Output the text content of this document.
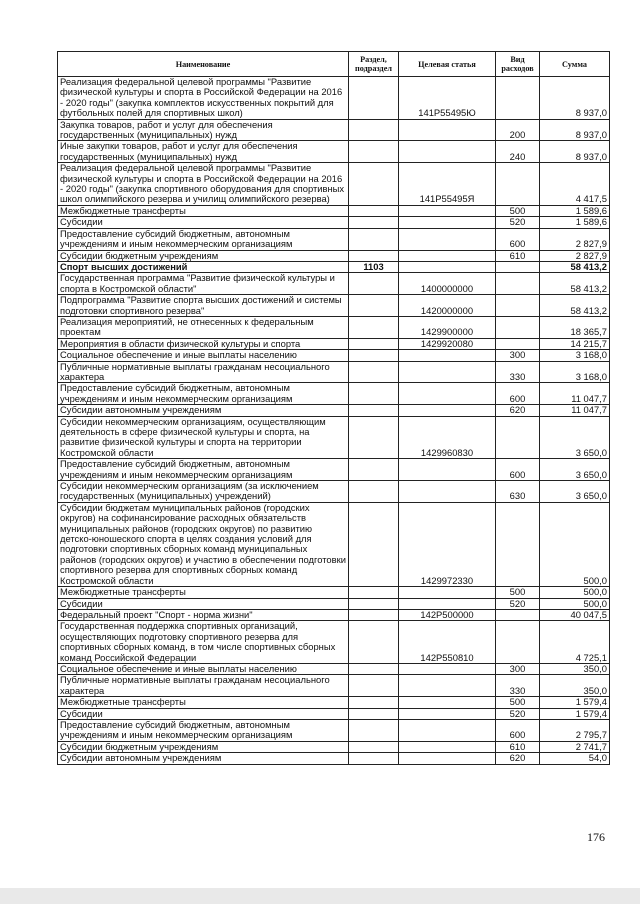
Наименование	Раздел, подраздел	Целевая статья	Вид расходов	Сумма
Реализация федеральной целевой программы "Развитие физической культуры и спорта в Российской Федерации на 2016 - 2020 годы" (закупка комплектов искусственных покрытий для футбольных полей для спортивных школ)		141P55495Ю		8 937,0
Закупка товаров, работ и услуг для обеспечения государственных (муниципальных) нужд			200	8 937,0
Иные закупки товаров, работ и услуг для обеспечения государственных (муниципальных) нужд			240	8 937,0
Реализация федеральной целевой программы "Развитие физической культуры и спорта в Российской Федерации на 2016 - 2020 годы" (закупка спортивного оборудования для спортивных школ олимпийского резерва и училищ олимпийского резерва)		141P55495Я		4 417,5
Межбюджетные трансферты			500	1 589,6
Субсидии			520	1 589,6
Предоставление субсидий бюджетным, автономным учреждениям и иным некоммерческим организациям			600	2 827,9
Субсидии бюджетным учреждениям			610	2 827,9
Спорт высших достижений	1103			58 413,2
Государственная программа "Развитие физической культуры и спорта в Костромской области"		1400000000		58 413,2
Подпрограмма "Развитие спорта высших достижений и системы подготовки спортивного резерва"		1420000000		58 413,2
Реализация мероприятий, не отнесенных к федеральным проектам		1429900000		18 365,7
Мероприятия в области физической культуры и спорта		1429920080		14 215,7
Социальное обеспечение и иные выплаты населению			300	3 168,0
Публичные нормативные выплаты гражданам несоциального характера			330	3 168,0
Предоставление субсидий бюджетным, автономным учреждениям и иным некоммерческим организациям			600	11 047,7
Субсидии автономным учреждениям			620	11 047,7
Субсидии некоммерческим организациям, осуществляющим деятельность в сфере физической культуры и спорта, на развитие физической культуры и спорта на территории Костромской области		1429960830		3 650,0
Предоставление субсидий бюджетным, автономным учреждениям и иным некоммерческим организациям			600	3 650,0
Субсидии некоммерческим организациям (за исключением государственных (муниципальных) учреждений)			630	3 650,0
Субсидии бюджетам муниципальных районов (городских округов) на софинансирование расходных обязательств муниципальных районов (городских округов) по развитию детско-юношеского спорта в целях создания условий для подготовки спортивных сборных команд муниципальных районов (городских округов) и участию в обеспечении подготовки спортивного резерва для спортивных сборных команд Костромской области		1429972330		500,0
Межбюджетные трансферты			500	500,0
Субсидии			520	500,0
Федеральный проект "Спорт - норма жизни"		142P500000		40 047,5
Государственная поддержка спортивных организаций, осуществляющих подготовку спортивного резерва для спортивных сборных команд, в том числе спортивных сборных команд Российской Федерации		142P550810		4 725,1
Социальное обеспечение и иные выплаты населению			300	350,0
Публичные нормативные выплаты гражданам несоциального характера			330	350,0
Межбюджетные трансферты			500	1 579,4
Субсидии			520	1 579,4
Предоставление субсидий бюджетным, автономным учреждениям и иным некоммерческим организациям			600	2 795,7
Субсидии бюджетным учреждениям			610	2 741,7
Субсидии автономным учреждениям			620	54,0
176
